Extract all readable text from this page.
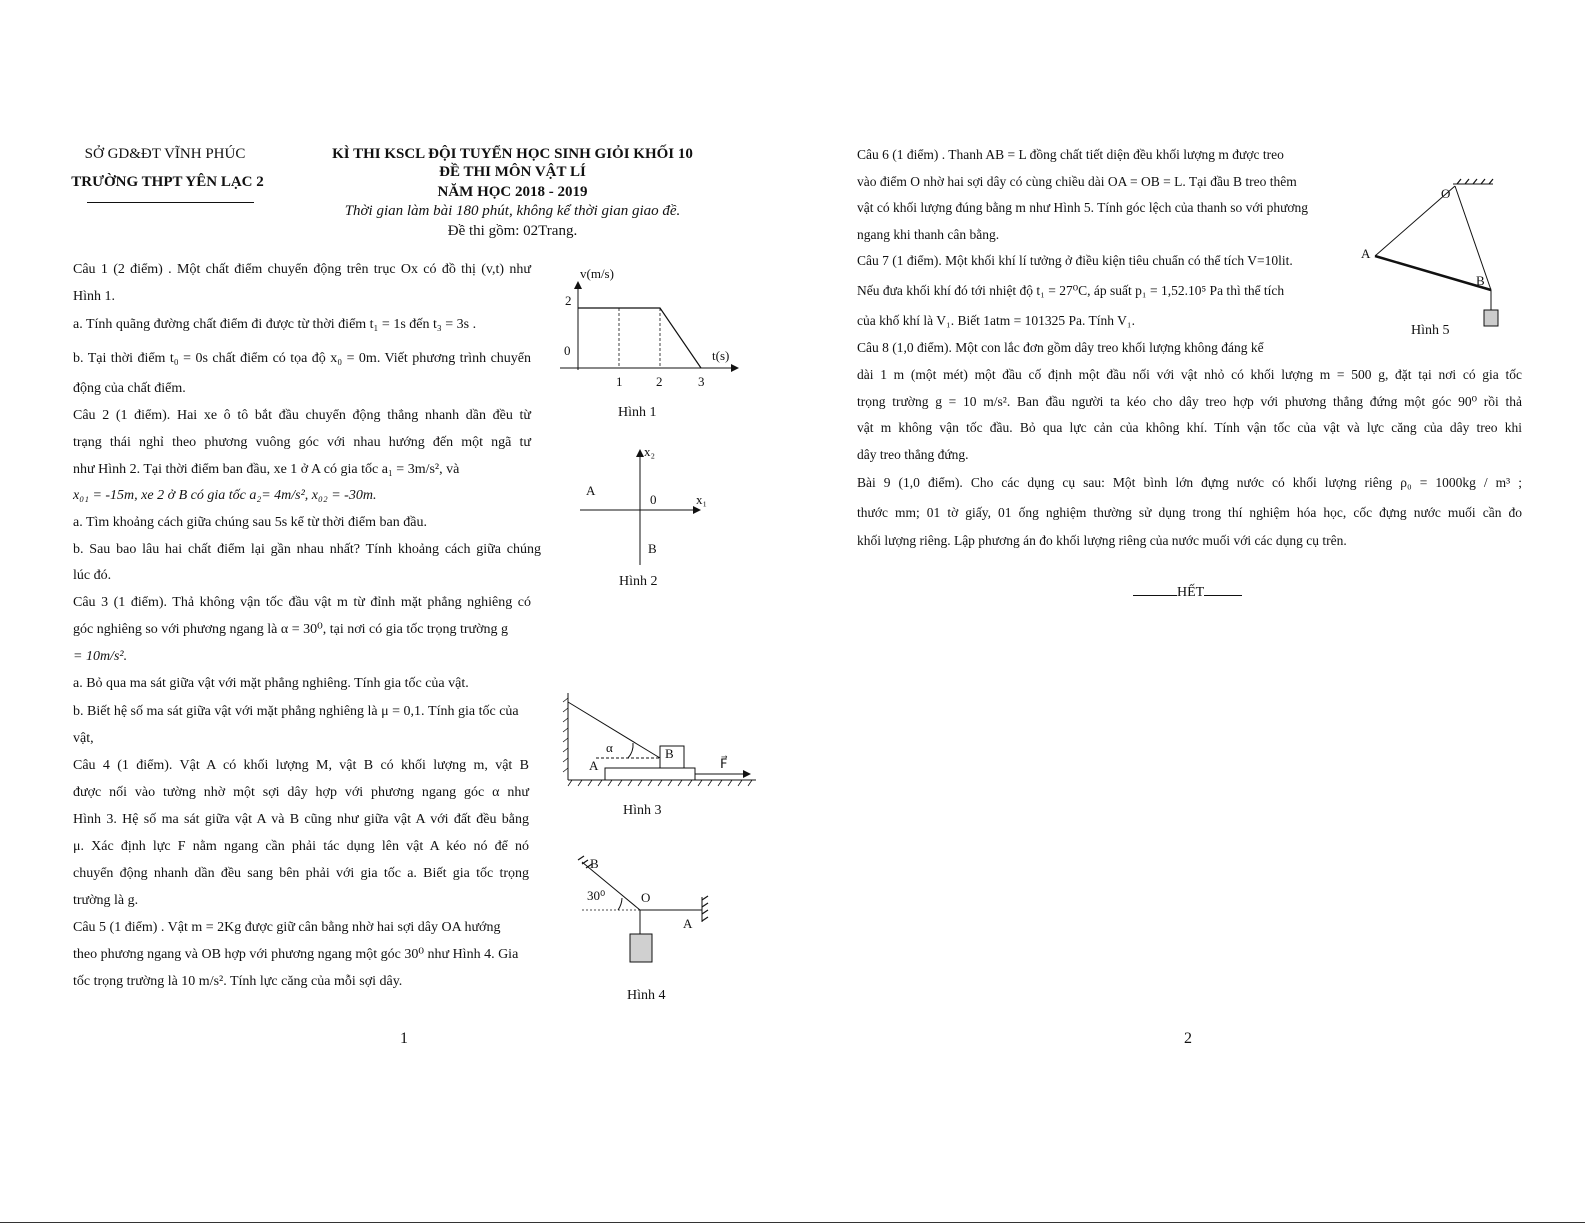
SỞ GD&ĐT VĨNH PHÚC
TRƯỜNG THPT YÊN LẠC 2
KÌ THI KSCL ĐỘI TUYỂN HỌC SINH GIỎI KHỐI 10
ĐỀ THI MÔN VẬT LÍ
NĂM HỌC 2018 - 2019
Thời gian làm bài 180 phút, không kể thời gian giao đề.
Đề thi gồm: 02Trang.
Câu 1 (2 điểm) . Một chất điểm chuyển động trên trục Ox có đồ thị (v,t) như
Hình 1.
a. Tính quãng đường chất điểm đi được từ thời điểm t₁ = 1s đến t₃ = 3s .
b. Tại thời điểm t₀ = 0s chất điểm có tọa độ x₀ = 0m. Viết phương trình chuyển
động của chất điểm.
Câu 2 (1 điểm). Hai xe ô tô bắt đầu chuyển động thẳng nhanh dần đều từ
trạng thái nghỉ theo phương vuông góc với nhau hướng đến một ngã tư
như Hình 2. Tại thời điểm ban đầu, xe 1 ở A có gia tốc a₁ = 3m/s², và
x₀₁ = -15m, xe 2 ở B có gia tốc a₂= 4m/s², x₀₂ = -30m.
a. Tìm khoảng cách giữa chúng sau 5s kể từ thời điểm ban đầu.
b. Sau bao lâu hai chất điểm lại gần nhau nhất? Tính khoảng cách giữa chúng
lúc đó.
Câu 3 (1 điểm). Thả không vận tốc đầu vật m từ đỉnh mặt phẳng nghiêng có
góc nghiêng so với phương ngang là α = 30⁰, tại nơi có gia tốc trọng trường g
= 10m/s².
a. Bỏ qua ma sát giữa vật với mặt phẳng nghiêng. Tính gia tốc của vật.
b. Biết hệ số ma sát giữa vật với mặt phẳng nghiêng là μ = 0,1. Tính gia tốc của
vật,
Câu 4 (1 điểm). Vật A có khối lượng M, vật B có khối lượng m, vật B
được nối vào tường nhờ một sợi dây hợp với phương ngang góc α như
Hình 3. Hệ số ma sát giữa vật A và B cũng như giữa vật A với đất đều bằng
μ. Xác định lực F nằm ngang cần phải tác dụng lên vật A kéo nó để nó
chuyển động nhanh dần đều sang bên phải với gia tốc a. Biết gia tốc trọng
trường là g.
Câu 5 (1 điểm) . Vật m = 2Kg được giữ cân bằng nhờ hai sợi dây OA hướng
theo phương ngang và OB hợp với phương ngang một góc 30⁰ như Hình 4. Gia
tốc trọng trường là 10 m/s². Tính lực căng của mỗi sợi dây.
1
v(m/s)
t(s)
2
0
1	2	3
Hình 1
x₂
x₁
A
0
B
Hình 2
α
A
B
F⃗
Hình 3
B
30⁰	O
A
Hình 4
Câu 6 (1 điểm) . Thanh AB = L đồng chất tiết diện đều khối lượng m được treo
vào điểm O nhờ hai sợi dây có cùng chiều dài OA = OB = L. Tại đầu B treo thêm
vật có khối lượng đúng bằng m như Hình 5. Tính góc lệch của thanh so với phương
ngang khi thanh cân bằng.
Câu 7 (1 điểm). Một khối khí lí tưởng ở điều kiện tiêu chuẩn có thể tích V=10lit.
Nếu đưa khối khí đó tới nhiệt độ t₁ = 27⁰C, áp suất p₁ = 1,52.10⁵ Pa thì thể tích
của khố khí là V₁. Biết 1atm = 101325 Pa. Tính V₁.
Câu 8 (1,0 điểm). Một con lắc đơn gồm dây treo khối lượng không đáng kể
dài 1 m (một mét) một đầu cố định một đầu nối với vật nhỏ có khối lượng m = 500 g, đặt tại nơi có gia tốc
trọng trường g = 10 m/s². Ban đầu người ta kéo cho dây treo hợp với phương thẳng đứng một góc 90⁰ rồi thả
vật m không vận tốc đầu. Bỏ qua lực cản của không khí. Tính vận tốc của vật và lực căng của dây treo khi
dây treo thẳng đứng.
Bài 9 (1,0 điểm). Cho các dụng cụ sau: Một bình lớn đựng nước có khối lượng riêng ρ₀ = 1000kg / m³ ;
thước mm; 01 tờ giấy, 01 ống nghiệm thường sử dụng trong thí nghiệm hóa học, cốc đựng nước muối cần đo
khối lượng riêng. Lập phương án đo khối lượng riêng của nước muối với các dụng cụ trên.
HẾT
2
O
A
B
Hình 5
